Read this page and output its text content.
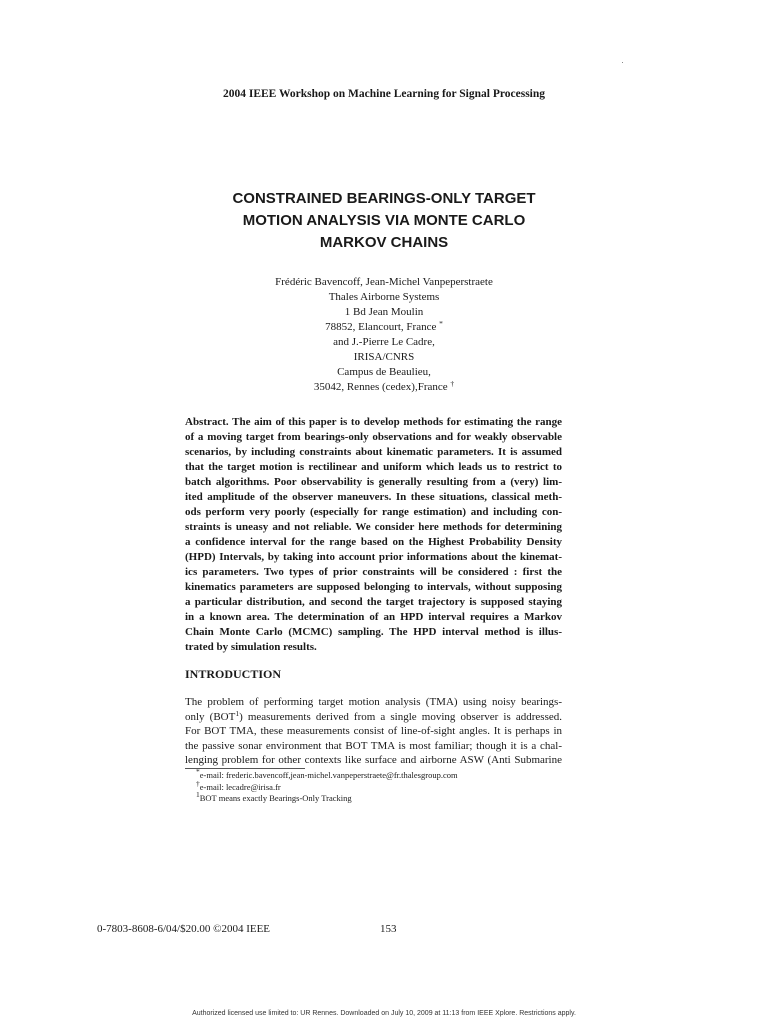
2004 IEEE Workshop on Machine Learning for Signal Processing
CONSTRAINED BEARINGS-ONLY TARGET
MOTION ANALYSIS VIA MONTE CARLO
MARKOV CHAINS
Frédéric Bavencoff, Jean-Michel Vanpeperstraete
Thales Airborne Systems
1 Bd Jean Moulin
78852, Elancourt, France *
and J.-Pierre Le Cadre,
IRISA/CNRS
Campus de Beaulieu,
35042, Rennes (cedex),France †
Abstract. The aim of this paper is to develop methods for estimating the range
of a moving target from bearings-only observations and for weakly observable
scenarios, by including constraints about kinematic parameters. It is assumed
that the target motion is rectilinear and uniform which leads us to restrict to
batch algorithms. Poor observability is generally resulting from a (very) lim-
ited amplitude of the observer maneuvers. In these situations, classical meth-
ods perform very poorly (especially for range estimation) and including con-
straints is uneasy and not reliable. We consider here methods for determining
a confidence interval for the range based on the Highest Probability Density
(HPD) Intervals, by taking into account prior informations about the kinemat-
ics parameters. Two types of prior constraints will be considered : first the
kinematics parameters are supposed belonging to intervals, without supposing
a particular distribution, and second the target trajectory is supposed staying
in a known area. The determination of an HPD interval requires a Markov
Chain Monte Carlo (MCMC) sampling. The HPD interval method is illus-
trated by simulation results.
INTRODUCTION
The problem of performing target motion analysis (TMA) using noisy bearings-
only (BOT$^1$) measurements derived from a single moving observer is addressed.
For BOT TMA, these measurements consist of line-of-sight angles. It is perhaps in
the passive sonar environment that BOT TMA is most familiar; though it is a chal-
lenging problem for other contexts like surface and airborne ASW (Anti Submarine
*e-mail: frederic.bavencoff,jean-michel.vanpeperstraete@fr.thalesgroup.com
†e-mail: lecadre@irisa.fr
$^1$BOT means exactly Bearings-Only Tracking
0-7803-8608-6/04/$20.00 ©2004 IEEE	153
Authorized licensed use limited to: UR Rennes. Downloaded on July 10, 2009 at 11:13 from IEEE Xplore. Restrictions apply.
